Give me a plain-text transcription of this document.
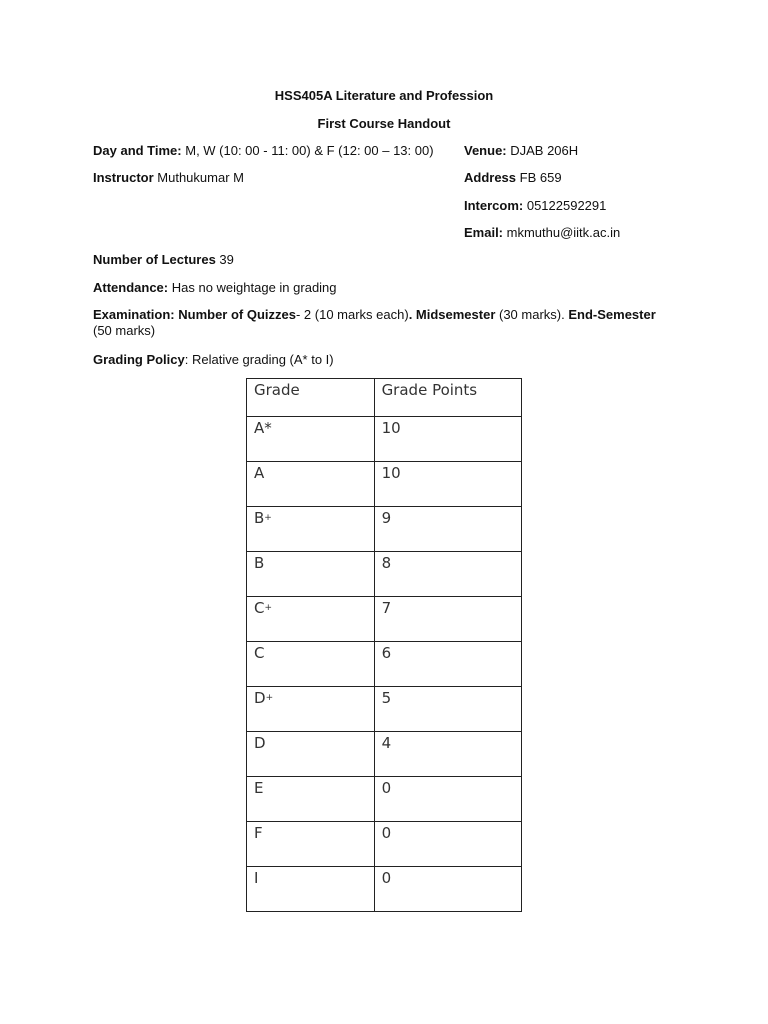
HSS405A Literature and Profession
First Course Handout
Day and Time: M, W (10: 00 - 11: 00) & F (12: 00 – 13: 00) Venue: DJAB 206H
Instructor Muthukumar M	Address FB 659
Intercom: 05122592291
Email: mkmuthu@iitk.ac.in
Number of Lectures 39
Attendance: Has no weightage in grading
Examination: Number of Quizzes- 2 (10 marks each). Midsemester (30 marks). End-Semester (50 marks)
Grading Policy: Relative grading (A* to I)
Grade	Grade Points
A*	10
A	10
B+	9
B	8
C+	7
C	6
D+	5
D	4
E	0
F	0
I	0
